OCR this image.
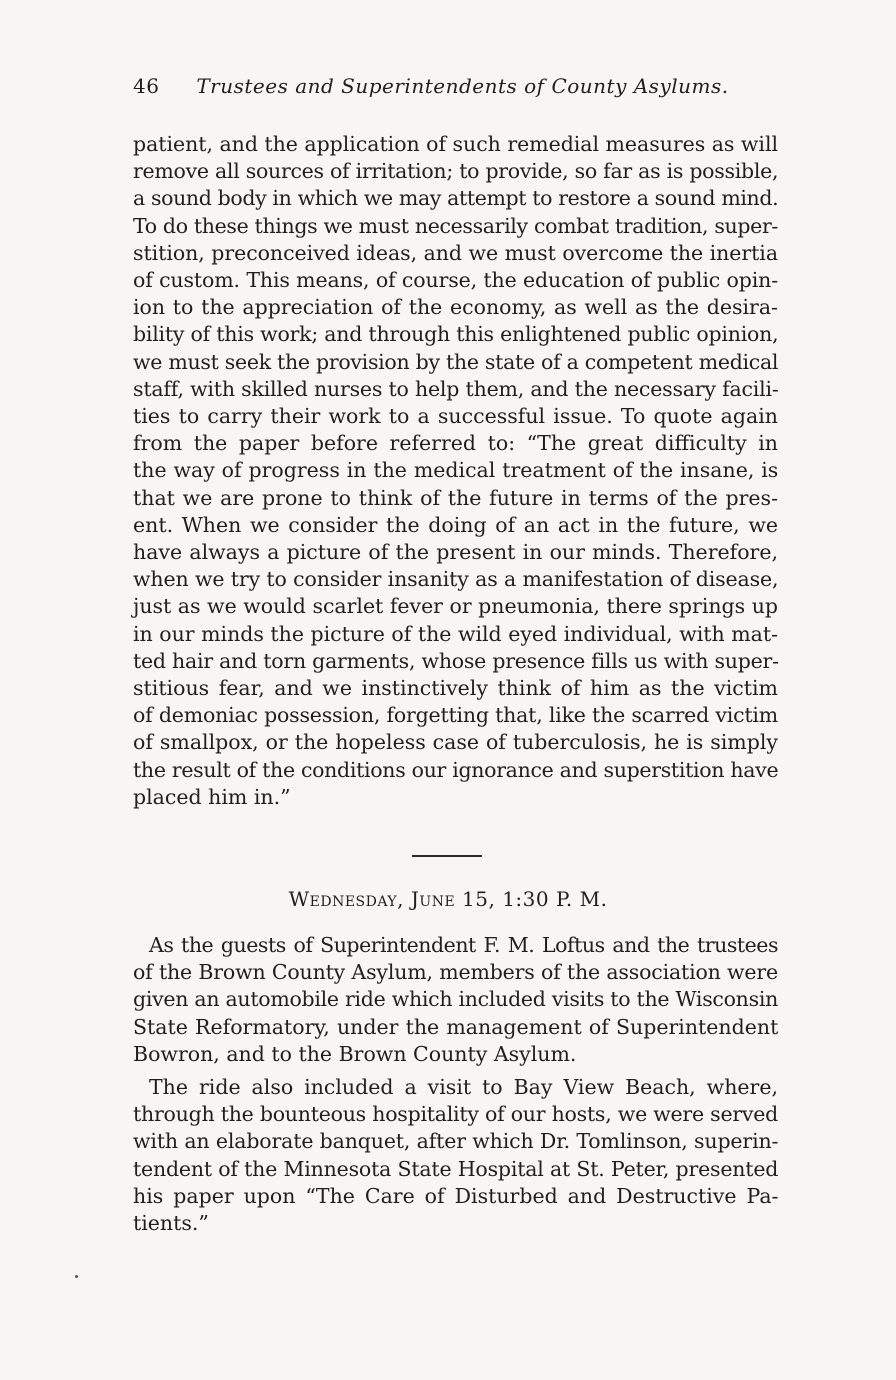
46 Trustees and Superintendents of County Asylums.
patient, and the application of such remedial measures as will
remove all sources of irritation; to provide, so far as is possible,
a sound body in which we may attempt to restore a sound mind.
To do these things we must necessarily combat tradition, super-
stition, preconceived ideas, and we must overcome the inertia
of custom. This means, of course, the education of public opin-
ion to the appreciation of the economy, as well as the desira-
bility of this work; and through this enlightened public opinion,
we must seek the provision by the state of a competent medical
staff, with skilled nurses to help them, and the necessary facili-
ties to carry their work to a successful issue. To quote again
from the paper before referred to: “The great difficulty in
the way of progress in the medical treatment of the insane, is
that we are prone to think of the future in terms of the pres-
ent. When we consider the doing of an act in the future, we
have always a picture of the present in our minds. Therefore,
when we try to consider insanity as a manifestation of disease,
just as we would scarlet fever or pneumonia, there springs up
in our minds the picture of the wild eyed individual, with mat-
ted hair and torn garments, whose presence fills us with super-
stitious fear, and we instinctively think of him as the victim
of demoniac possession, forgetting that, like the scarred victim
of smallpox, or the hopeless case of tuberculosis, he is simply
the result of the conditions our ignorance and superstition have
placed him in.”
Wednesday, June 15, 1:30 P. M.
As the guests of Superintendent F. M. Loftus and the trustees
of the Brown County Asylum, members of the association were
given an automobile ride which included visits to the Wisconsin
State Reformatory, under the management of Superintendent
Bowron, and to the Brown County Asylum.
The ride also included a visit to Bay View Beach, where,
through the bounteous hospitality of our hosts, we were served
with an elaborate banquet, after which Dr. Tomlinson, superin-
tendent of the Minnesota State Hospital at St. Peter, presented
his paper upon “The Care of Disturbed and Destructive Pa-
tients.”
